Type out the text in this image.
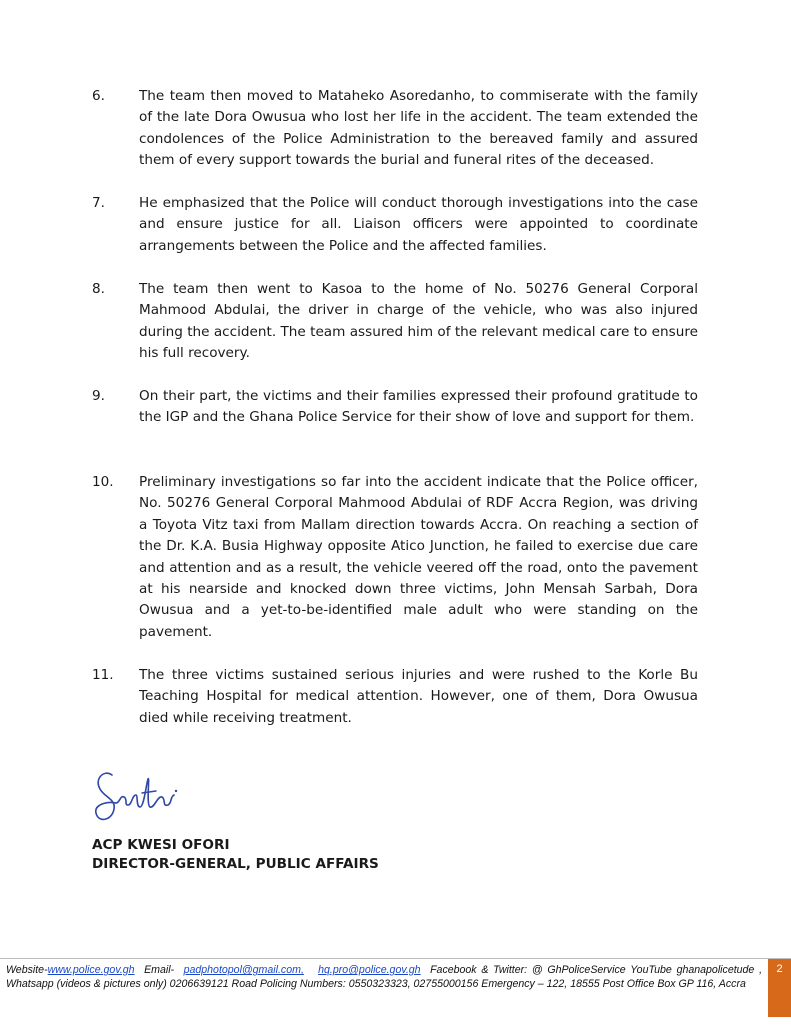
6.	The team then moved to Mataheko Asoredanho, to commiserate with the family of the late Dora Owusua who lost her life in the accident. The team extended the condolences of the Police Administration to the bereaved family and assured them of every support towards the burial and funeral rites of the deceased.
7.	He emphasized that the Police will conduct thorough investigations into the case and ensure justice for all. Liaison officers were appointed to coordinate arrangements between the Police and the affected families.
8.	The team then went to Kasoa to the home of No. 50276 General Corporal Mahmood Abdulai, the driver in charge of the vehicle, who was also injured during the accident. The team assured him of the relevant medical care to ensure his full recovery.
9.	On their part, the victims and their families expressed their profound gratitude to the IGP and the Ghana Police Service for their show of love and support for them.
10.	Preliminary investigations so far into the accident indicate that the Police officer, No. 50276 General Corporal Mahmood Abdulai of RDF Accra Region, was driving a Toyota Vitz taxi from Mallam direction towards Accra. On reaching a section of the Dr. K.A. Busia Highway opposite Atico Junction, he failed to exercise due care and attention and as a result, the vehicle veered off the road, onto the pavement at his nearside and knocked down three victims, John Mensah Sarbah, Dora Owusua and a yet-to-be-identified male adult who were standing on the pavement.
11.	The three victims sustained serious injuries and were rushed to the Korle Bu Teaching Hospital for medical attention. However, one of them, Dora Owusua died while receiving treatment.
ACP KWESI OFORI
DIRECTOR-GENERAL, PUBLIC AFFAIRS
Website-www.police.gov.gh Email- padphotopol@gmail.com, hq.pro@police.gov.gh Facebook & Twitter: @ GhPoliceService YouTube ghanapolicetude , Whatsapp (videos & pictures only) 0206639121 Road Policing Numbers: 0550323323, 02755000156 Emergency – 122, 18555 Post Office Box GP 116, Accra
2
